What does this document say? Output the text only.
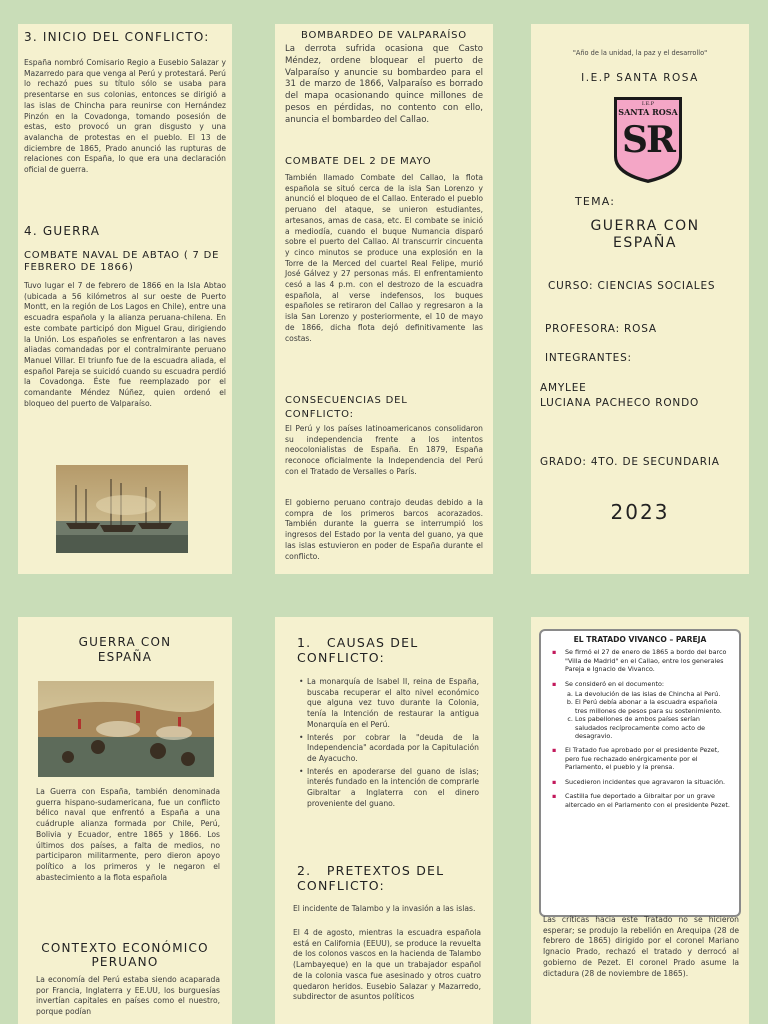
3. INICIO DEL CONFLICTO:
España nombró Comisario Regio a Eusebio Salazar y Mazarredo para que venga al Perú y protestará. Perú lo rechazó pues su título sólo se usaba para presentarse en sus colonias, entonces se dirigió a las islas de Chincha para reunirse con Hernández Pinzón en la Covadonga, tomando posesión de estas, esto provocó un gran disgusto y una avalancha de protestas en el pueblo. El 13 de diciembre de 1865, Prado anunció las rupturas de relaciones con España, lo que era una declaración oficial de guerra.
4. GUERRA
COMBATE NAVAL DE ABTAO ( 7 DE FEBRERO DE 1866)
Tuvo lugar el 7 de febrero de 1866 en la Isla Abtao (ubicada a 56 kilómetros al sur oeste de Puerto Montt, en la región de Los Lagos en Chile), entre una escuadra española y la alianza peruana-chilena. En este combate participó don Miguel Grau, dirigiendo la Unión. Los españoles se enfrentaron a las naves aliadas comandadas por el contralmirante peruano Manuel Villar. El triunfo fue de la escuadra aliada, el español Pareja se suicidó cuando su escuadra perdió la Covadonga. Éste fue reemplazado por el comandante Méndez Núñez, quien ordenó el bloqueo del puerto de Valparaíso.
BOMBARDEO DE VALPARAÍSO
La derrota sufrida ocasiona que Casto Méndez, ordene bloquear el puerto de Valparaíso y anuncie su bombardeo para el 31 de marzo de 1866, Valparaíso es borrado del mapa ocasionando quince millones de pesos en pérdidas, no contento con ello, anuncia el bombardeo del Callao.
COMBATE DEL 2 DE MAYO
También llamado Combate del Callao, la flota española se situó cerca de la isla San Lorenzo y anunció el bloqueo de el Callao. Enterado el pueblo peruano del ataque, se unieron estudiantes, artesanos, amas de casa, etc. El combate se inició a mediodía, cuando el buque Numancia disparó sobre el puerto del Callao. Al transcurrir cincuenta y cinco minutos se produce una explosión en la Torre de la Merced del cuartel Real Felipe, murió José Gálvez y 27 personas más. El enfrentamiento cesó a las 4 p.m. con el destrozo de la escuadra española, al verse indefensos, los buques españoles se retiraron del Callao y regresaron a la isla San Lorenzo y posteriormente, el 10 de mayo de 1866, dicha flota dejó definitivamente las costas.
CONSECUENCIAS DEL CONFLICTO:
El Perú y los países latinoamericanos consolidaron su independencia frente a los intentos neocolonialistas de España. En 1879, España reconoce oficialmente la Independencia del Perú con el Tratado de Versalles o París.
El gobierno peruano contrajo deudas debido a la compra de los primeros barcos acorazados. También durante la guerra se interrumpió los ingresos del Estado por la venta del guano, ya que las islas estuvieron en poder de España durante el conflicto.
"Año de la unidad, la paz y el desarrollo"
I.E.P SANTA ROSA
I.E.P
SANTA ROSA
SR
TEMA:
GUERRA CON ESPAÑA
CURSO: CIENCIAS SOCIALES
PROFESORA: ROSA
INTEGRANTES:
AMYLEE
LUCIANA PACHECO RONDO
GRADO: 4TO. DE SECUNDARIA
2023
GUERRA CON ESPAÑA
La Guerra con España, también denominada guerra hispano-sudamericana, fue un conflicto bélico naval que enfrentó a España a una cuádruple alianza formada por Chile, Perú, Bolivia y Ecuador, entre 1865 y 1866. Los últimos dos países, a falta de medios, no participaron militarmente, pero dieron apoyo político a los primeros y le negaron el abastecimiento a la flota española
CONTEXTO ECONÓMICO PERUANO
La economía del Perú estaba siendo acaparada por Francia, Inglaterra y EE.UU, los burguesías invertían capitales en países como el nuestro, porque podían
1.   CAUSAS DEL CONFLICTO:
• La monarquía de Isabel II, reina de España, buscaba recuperar el alto nivel económico que alguna vez tuvo durante la Colonia, tenía la Intención de restaurar la antigua Monarquía en el Perú.
• Interés por cobrar la "deuda de la Independencia" acordada por la Capitulación de Ayacucho.
• Interés en apoderarse del guano de islas; interés fundado en la intención de comprarle Gibraltar a Inglaterra con el dinero proveniente del guano.
2.   PRETEXTOS DEL CONFLICTO:
El incidente de Talambo y la invasión a las islas.
El 4 de agosto, mientras la escuadra española está en California (EEUU), se produce la revuelta de los colonos vascos en la hacienda de Talambo (Lambayeque) en la que un trabajador español de la colonia vasca fue asesinado y otros cuatro quedaron heridos. Eusebio Salazar y Mazarredo, subdirector de asuntos políticos
EL TRATADO VIVANCO – PAREJA
▪ Se firmó el 27 de enero de 1865 a bordo del barco "Villa de Madrid" en el Callao, entre los generales Pareja e Ignacio de Vivanco.
▪ Se consideró en el documento:
a. La devolución de las islas de Chincha al Perú.
b. El Perú debía abonar a la escuadra española tres millones de pesos para su sostenimiento.
c. Los pabellones de ambos países serían saludados recíprocamente como acto de desagravio.
▪ El Tratado fue aprobado por el presidente Pezet, pero fue rechazado enérgicamente por el Parlamento, el pueblo y la prensa.
▪ Sucedieron incidentes que agravaron la situación.
▪ Castilla fue deportado a Gibraltar por un grave altercado en el Parlamento con el presidente Pezet.
Las críticas hacia este Tratado no se hicieron esperar; se produjo la rebelión en Arequipa (28 de febrero de 1865) dirigido por el coronel Mariano Ignacio Prado, rechazó el tratado y derrocó al gobierno de Pezet. El coronel Prado asume la dictadura (28 de noviembre de 1865).
